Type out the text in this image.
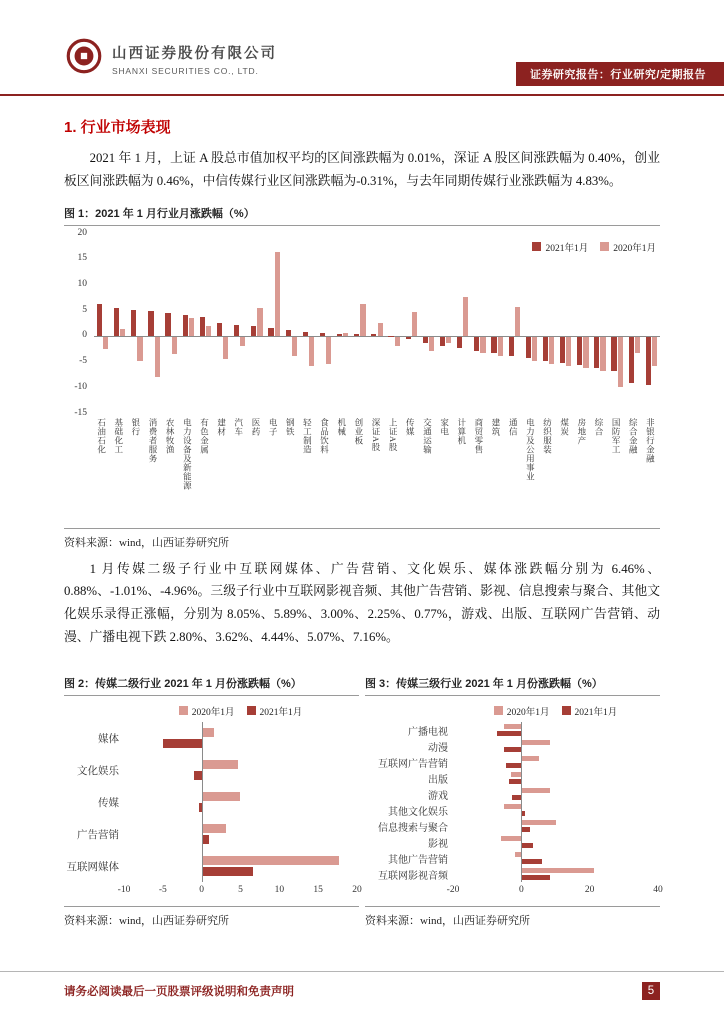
山西证券股份有限公司
SHANXI SECURITIES CO., LTD.	证券研究报告：行业研究/定期报告
1. 行业市场表现

2021 年 1 月，上证 A 股总市值加权平均的区间涨跌幅为 0.01%，深证 A 股区间涨跌幅为 0.40%，创业板区间涨跌幅为 0.46%，中信传媒行业区间涨跌幅为-0.31%，与去年同期传媒行业涨跌幅为 4.83%。

图 1：2021 年 1 月行业月涨跌幅（%）
20
15
10
5
0
-5
-10
-15
石油石化 基础化工 银行 消费者服务 农林牧渔 电力设备及新能源 有色金属 建材 汽车 医药 电子 钢铁 轻工制造 食品饮料 机械 创业板 深证A股 上证A股 传媒 交通运输 家电 计算机 商贸零售 建筑 通信 电力及公用事业 纺织服装 煤炭 房地产 综合 国防军工 综合金融 非银行金融
2021年1月	2020年1月
资料来源：wind，山西证券研究所

1 月传媒二级子行业中互联网媒体、广告营销、文化娱乐、媒体涨跌幅分别为 6.46%、0.88%、-1.01%、-4.96%。三级子行业中互联网影视音频、其他广告营销、影视、信息搜索与聚合、其他文化娱乐录得正涨幅，分别为 8.05%、5.89%、3.00%、2.25%、0.77%，游戏、出版、互联网广告营销、动漫、广播电视下跌 2.80%、3.62%、4.44%、5.07%、7.16%。

图 2：传媒二级行业 2021 年 1 月份涨跌幅（%）
2020年1月	2021年1月
媒体
文化娱乐
传媒
广告营销
互联网媒体
-10	-5	0	5	10	15	20
资料来源：wind，山西证券研究所
图 3：传媒三级行业 2021 年 1 月份涨跌幅（%）
2020年1月	2021年1月
广播电视
动漫
互联网广告营销
出版
游戏
其他文化娱乐
信息搜索与聚合
影视
其他广告营销
互联网影视音频
-20	0	20	40
资料来源：wind，山西证券研究所
请务必阅读最后一页股票评级说明和免责声明	5
